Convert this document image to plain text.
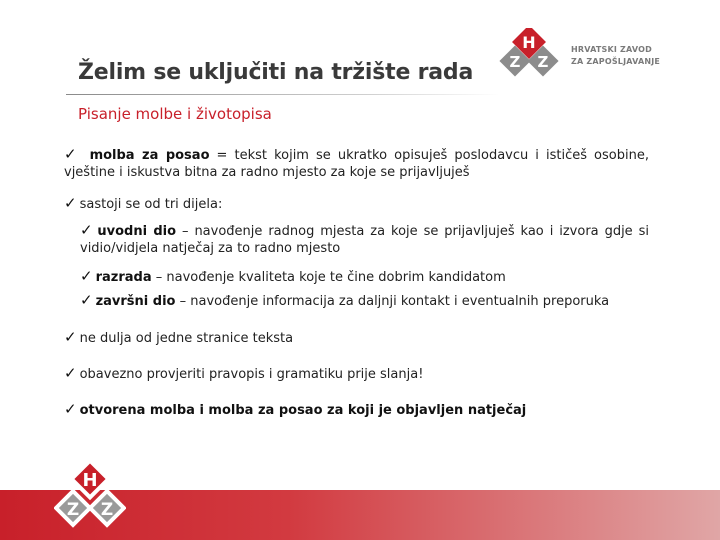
H
Z Z
HRVATSKI ZAVOD
ZA ZAPOŠLJAVANJE
Želim se uključiti na tržište rada
Pisanje molbe i životopisa
✓ molba za posao = tekst kojim se ukratko opisuješ poslodavcu i ističeš osobine, vještine i iskustva bitna za radno mjesto za koje se prijavljuješ
✓ sastoji se od tri dijela:
✓ uvodni dio – navođenje radnog mjesta za koje se prijavljuješ kao i izvora gdje si vidio/vidjela natječaj za to radno mjesto
✓ razrada – navođenje kvaliteta koje te čine dobrim kandidatom
✓ završni dio – navođenje informacija za daljnji kontakt i eventualnih preporuka
✓ ne dulja od jedne stranice teksta
✓ obavezno provjeriti pravopis i gramatiku prije slanja!
✓ otvorena molba i molba za posao za koji je objavljen natječaj
H
Z Z
